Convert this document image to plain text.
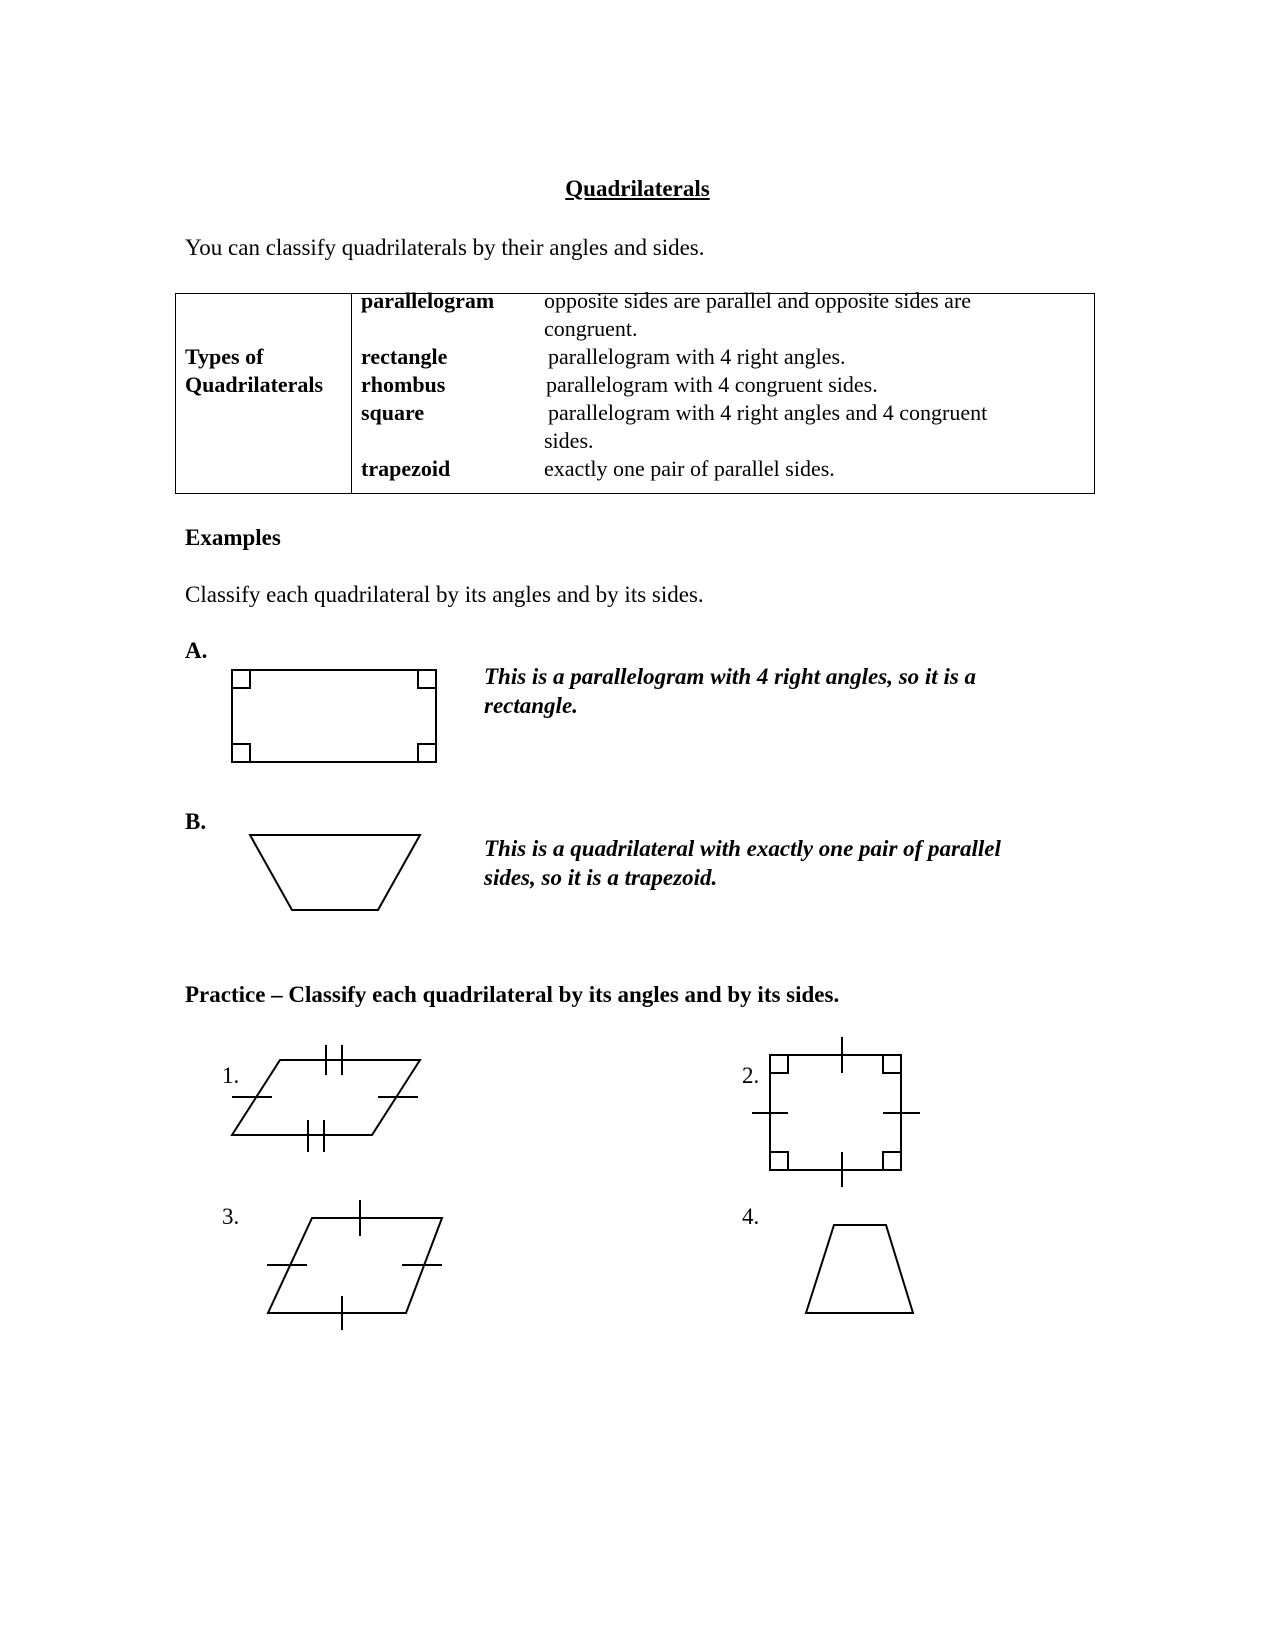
Quadrilaterals
You can classify quadrilaterals by their angles and sides.
Types of
Quadrilaterals
parallelogram opposite sides are parallel and opposite sides are
congruent.
rectangle	parallelogram with 4 right angles.
rhombus	parallelogram with 4 congruent sides.
square	parallelogram with 4 right angles and 4 congruent
sides.
trapezoid	exactly one pair of parallel sides.
Examples
Classify each quadrilateral by its angles and by its sides.
A.
This is a parallelogram with 4 right angles, so it is a
rectangle.
B.
This is a quadrilateral with exactly one pair of parallel
sides, so it is a trapezoid.
Practice – Classify each quadrilateral by its angles and by its sides.
1.	2.
3.	4.
